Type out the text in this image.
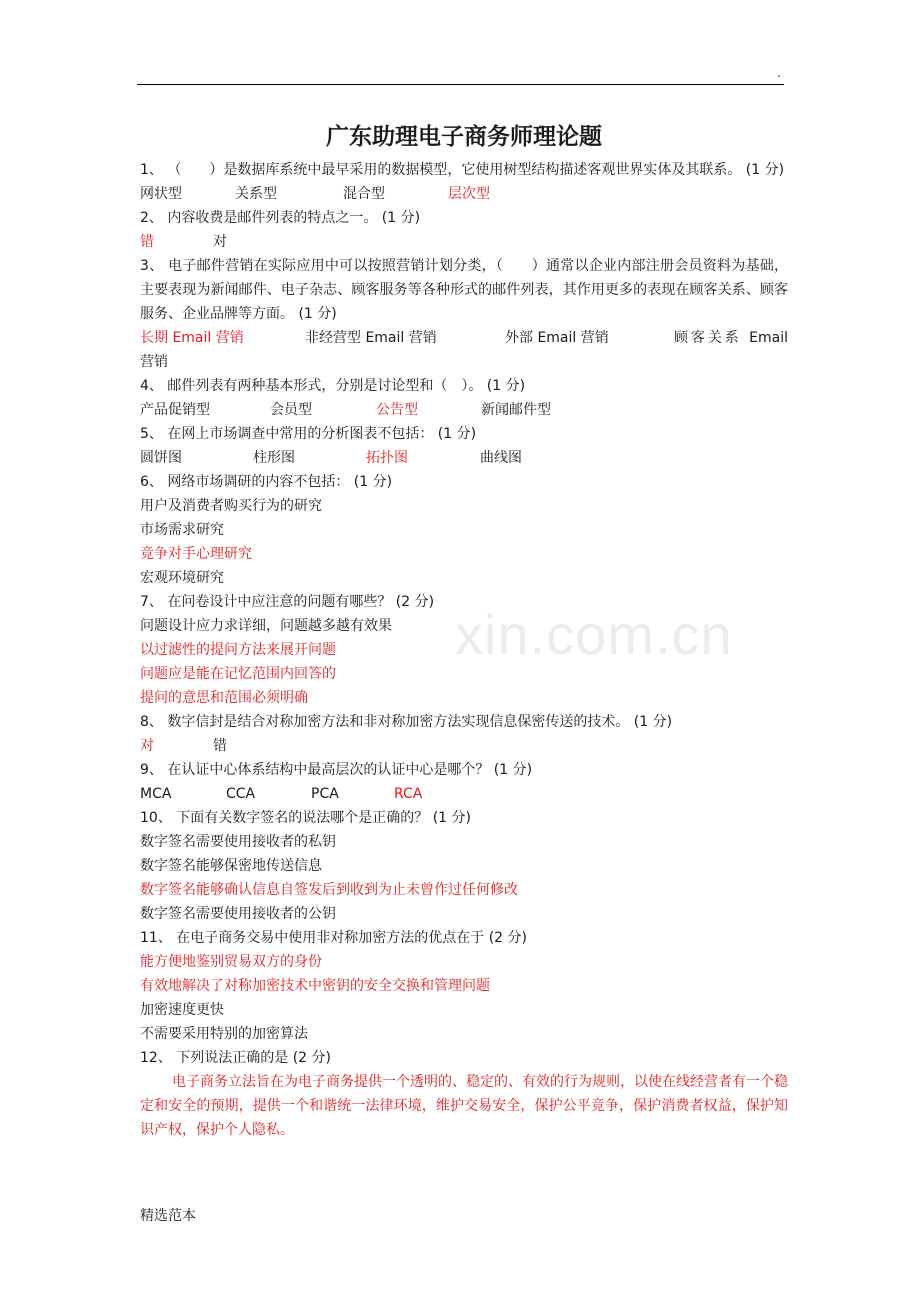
.
xin.com.cn
广东助理电子商务师理论题
1、 （　　）是数据库系统中最早采用的数据模型，它使用树型结构描述客观世界实体及其联系。 (1 分)
网状型	关系型	混合型	层次型
2、 内容收费是邮件列表的特点之一。 (1 分)
错	对
3、 电子邮件营销在实际应用中可以按照营销计划分类，（　　）通常以企业内部注册会员资料为基础，主要表现为新闻邮件、电子杂志、顾客服务等各种形式的邮件列表，其作用更多的表现在顾客关系、顾客服务、企业品牌等方面。 (1 分)
长期 Email 营销	非经营型 Email 营销	外部 Email 营销	顾客关系 Email 营销
4、 邮件列表有两种基本形式，分别是讨论型和（　）。 (1 分)
产品促销型	会员型	公告型	新闻邮件型
5、 在网上市场调查中常用的分析图表不包括： (1 分)
圆饼图	柱形图	拓扑图	曲线图
6、 网络市场调研的内容不包括： (1 分)
用户及消费者购买行为的研究
市场需求研究
竞争对手心理研究
宏观环境研究
7、 在问卷设计中应注意的问题有哪些？ (2 分)
问题设计应力求详细，问题越多越有效果
以过滤性的提问方法来展开问题
问题应是能在记忆范围内回答的
提问的意思和范围必须明确
8、 数字信封是结合对称加密方法和非对称加密方法实现信息保密传送的技术。 (1 分)
对	错
9、 在认证中心体系结构中最高层次的认证中心是哪个？ (1 分)
MCA	CCA	PCA	RCA
10、 下面有关数字签名的说法哪个是正确的？ (1 分)
数字签名需要使用接收者的私钥
数字签名能够保密地传送信息
数字签名能够确认信息自签发后到收到为止未曾作过任何修改
数字签名需要使用接收者的公钥
11、 在电子商务交易中使用非对称加密方法的优点在于 (2 分)
能方便地鉴别贸易双方的身份
有效地解决了对称加密技术中密钥的安全交换和管理问题
加密速度更快
不需要采用特别的加密算法
12、 下列说法正确的是 (2 分)
电子商务立法旨在为电子商务提供一个透明的、稳定的、有效的行为规则，以使在线经营者有一个稳定和安全的预期，提供一个和谐统一法律环境，维护交易安全，保护公平竞争，保护消费者权益，保护知识产权，保护个人隐私。
精选范本
